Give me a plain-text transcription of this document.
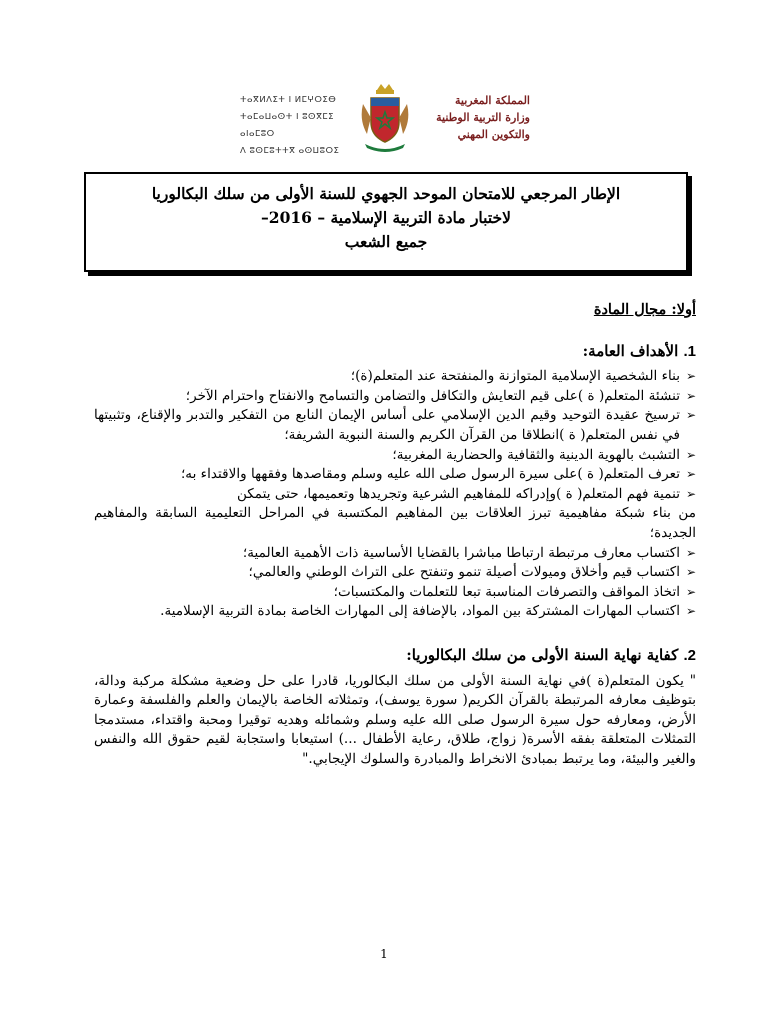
ⵜⴰⴳⵍⴷⵉⵜ ⵏ ⵍⵎⵖⵔⵉⴱ
ⵜⴰⵎⴰⵡⴰⵙⵜ ⵏ ⵓⵙⴳⵎⵉ ⴰⵏⴰⵎⵓⵔ
ⴷ ⵓⵙⵎⵓⵜⵜⴳ ⴰⵙⵡⵓⵔⵉ
المملكة المغربية
وزارة التربية الوطنية
والتكوين المهني
الإطار المرجعي للامتحان الموحد الجهوي للسنة الأولى من سلك البكالوريا
لاختبار مادة التربية الإسلامية – 2016–
جميع الشعب
أولا: مجال المادة
1. الأهداف العامة:
➢
بناء الشخصية الإسلامية المتوازنة والمنفتحة عند المتعلم(ة)؛
➢
تنشئة المتعلم( ة )على قيم التعايش والتكافل والتضامن والتسامح والانفتاح واحترام الآخر؛
➢
ترسيخ عقيدة التوحيد وقيم الدين الإسلامي على أساس الإيمان النابع من التفكير والتدبر والإقناع، وتثبيتها في نفس المتعلم( ة )انطلاقا من القرآن الكريم والسنة النبوية الشريفة؛
➢
التشبث بالهوية الدينية والثقافية والحضارية المغربية؛
➢
تعرف المتعلم( ة )على سيرة الرسول صلى الله عليه وسلم ومقاصدها وفقهها والاقتداء به؛
➢
تنمية فهم المتعلم( ة )وإدراكه للمفاهيم الشرعية وتجريدها وتعميمها، حتى يتمكن
من بناء شبكة مفاهيمية تبرز العلاقات بين المفاهيم المكتسبة في المراحل التعليمية السابقة والمفاهيم الجديدة؛
➢
اكتساب معارف مرتبطة ارتباطا مباشرا بالقضايا الأساسية ذات الأهمية العالمية؛
➢
اكتساب قيم وأخلاق وميولات أصيلة تنمو وتنفتح على التراث الوطني والعالمي؛
➢
اتخاذ المواقف والتصرفات المناسبة تبعا للتعلمات والمكتسبات؛
➢
اكتساب المهارات المشتركة بين المواد، بالإضافة إلى المهارات الخاصة بمادة التربية الإسلامية.
2. كفاية نهاية السنة الأولى من سلك البكالوريا:
" يكون المتعلم(ة )في نهاية السنة الأولى من سلك البكالوريا، قادرا على حل وضعية مشكلة مركبة ودالة، بتوظيف معارفه المرتبطة بالقرآن الكريم( سورة يوسف)، وتمثلاته الخاصة بالإيمان والعلم والفلسفة وعمارة الأرض، ومعارفه حول سيرة الرسول صلى الله عليه وسلم وشمائله وهديه توقيرا ومحبة واقتداء، مستدمجا التمثلات المتعلقة بفقه الأسرة( زواج، طلاق، رعاية الأطفال ...) استيعابا واستجابة لقيم حقوق الله والنفس والغير والبيئة، وما يرتبط بمبادئ الانخراط والمبادرة والسلوك الإيجابي."
1
